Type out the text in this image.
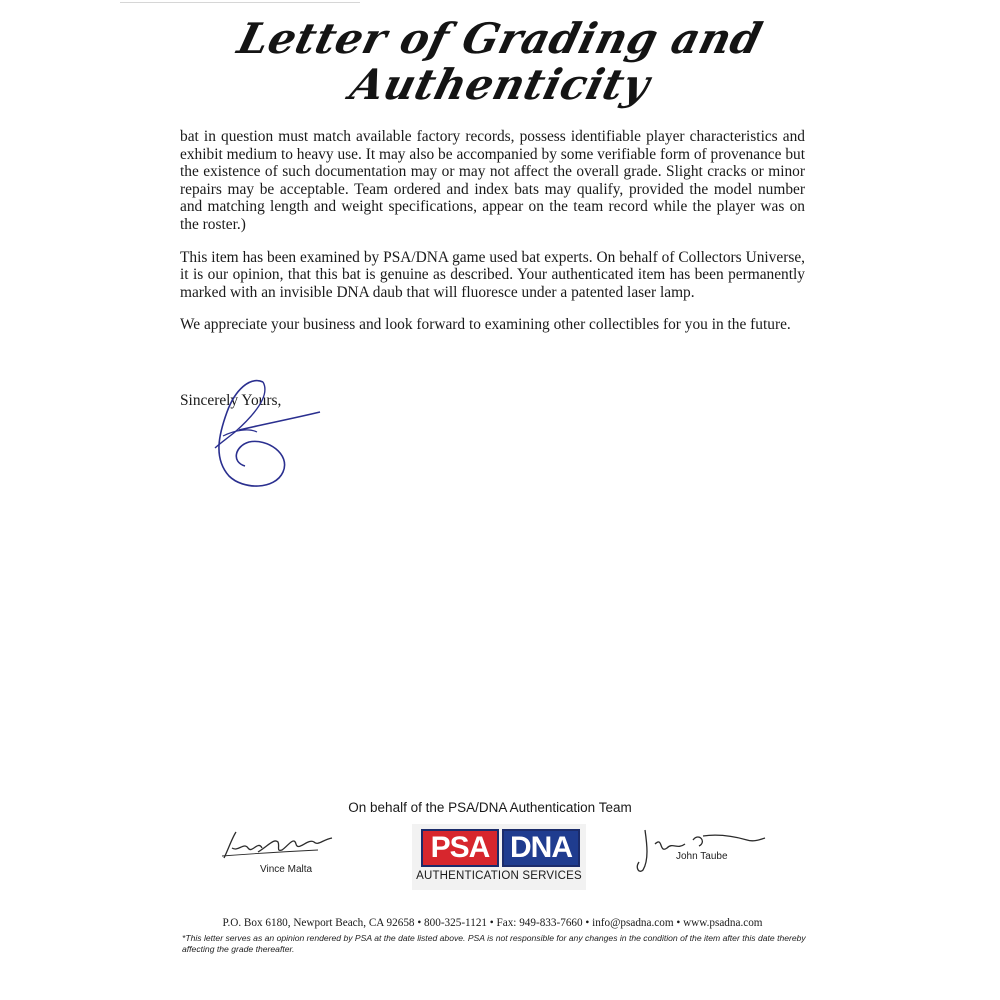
Letter of Grading and
Authenticity

bat in question must match available factory records, possess identifiable player characteristics and exhibit medium to heavy use. It may also be accompanied by some verifiable form of provenance but the existence of such documentation may or may not affect the overall grade. Slight cracks or minor repairs may be acceptable. Team ordered and index bats may qualify, provided the model number and matching length and weight specifications, appear on the team record while the player was on the roster.)

This item has been examined by PSA/DNA game used bat experts. On behalf of Collectors Universe, it is our opinion, that this bat is genuine as described. Your authenticated item has been permanently marked with an invisible DNA daub that will fluoresce under a patented laser lamp.

We appreciate your business and look forward to examining other collectibles for you in the future.

Sincerely Yours,
On behalf of the PSA/DNA Authentication Team
Vince Malta
PSA DNA
AUTHENTICATION SERVICES
John Taube
P.O. Box 6180, Newport Beach, CA 92658 • 800-325-1121 • Fax: 949-833-7660 • info@psadna.com • www.psadna.com
*This letter serves as an opinion rendered by PSA at the date listed above. PSA is not responsible for any changes in the condition of the item after this date thereby affecting the grade thereafter.
